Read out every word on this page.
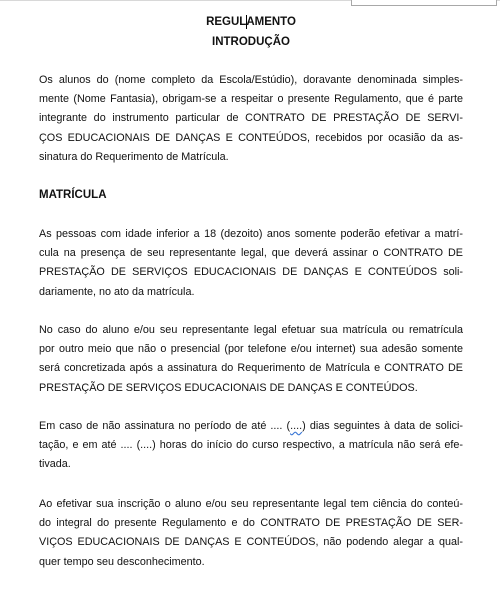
REGULAMENTO
INTRODUÇÃO
Os alunos do (nome completo da Escola/Estúdio), doravante denominada simples-
mente (Nome Fantasia), obrigam-se a respeitar o presente Regulamento, que é parte
integrante do instrumento particular de CONTRATO DE PRESTAÇÃO DE SERVI-
ÇOS EDUCACIONAIS DE DANÇAS E CONTEÚDOS, recebidos por ocasião da as-
sinatura do Requerimento de Matrícula.
MATRÍCULA
As pessoas com idade inferior a 18 (dezoito) anos somente poderão efetivar a matrí-
cula na presença de seu representante legal, que deverá assinar o CONTRATO DE
PRESTAÇÃO DE SERVIÇOS EDUCACIONAIS DE DANÇAS E CONTEÚDOS soli-
dariamente, no ato da matrícula.
No caso do aluno e/ou seu representante legal efetuar sua matrícula ou rematrícula
por outro meio que não o presencial (por telefone e/ou internet) sua adesão somente
será concretizada após a assinatura do Requerimento de Matrícula e CONTRATO DE
PRESTAÇÃO DE SERVIÇOS EDUCACIONAIS DE DANÇAS E CONTEÚDOS.
Em caso de não assinatura no período de até .... (....) dias seguintes à data de solici-
tação, e em até .... (....) horas do início do curso respectivo, a matrícula não será efe-
tivada.
Ao efetivar sua inscrição o aluno e/ou seu representante legal tem ciência do conteú-
do integral do presente Regulamento e do CONTRATO DE PRESTAÇÃO DE SER-
VIÇOS EDUCACIONAIS DE DANÇAS E CONTEÚDOS, não podendo alegar a qual-
quer tempo seu desconhecimento.
